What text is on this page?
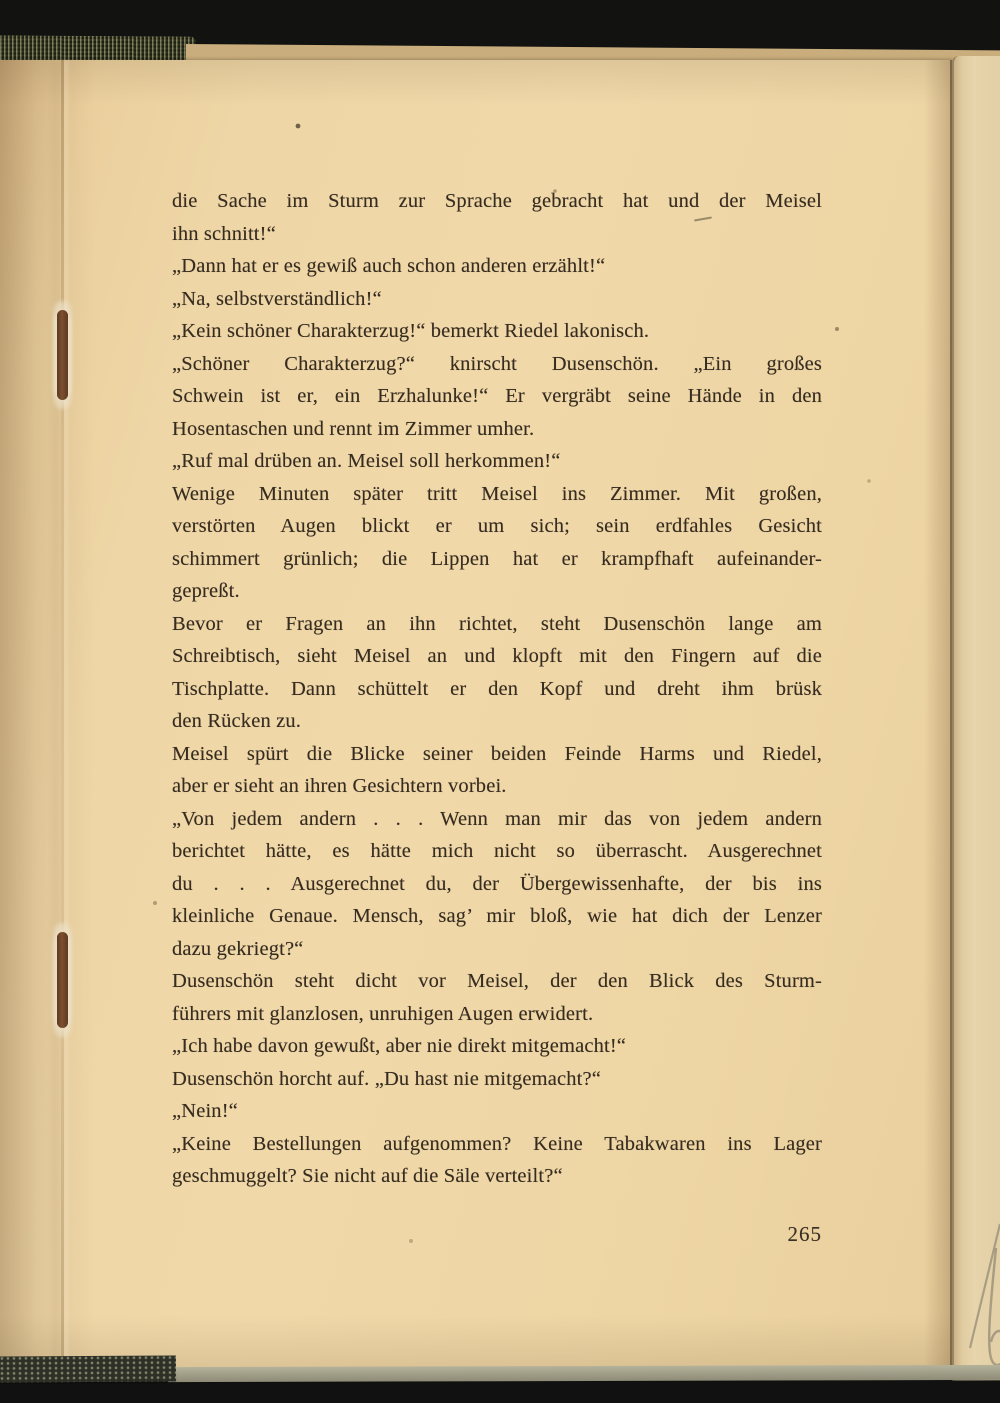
die Sache im Sturm zur Sprache gebracht hat und der Meisel
ihn schnitt!“
„Dann hat er es gewiß auch schon anderen erzählt!“
„Na, selbstverständlich!“
„Kein schöner Charakterzug!“ bemerkt Riedel lakonisch.
„Schöner Charakterzug?“ knirscht Dusenschön. „Ein großes
Schwein ist er, ein Erzhalunke!“ Er vergräbt seine Hände in den
Hosentaschen und rennt im Zimmer umher.
„Ruf mal drüben an. Meisel soll herkommen!“
Wenige Minuten später tritt Meisel ins Zimmer. Mit großen,
verstörten Augen blickt er um sich; sein erdfahles Gesicht
schimmert grünlich; die Lippen hat er krampfhaft aufeinander-
gepreßt.
Bevor er Fragen an ihn richtet, steht Dusenschön lange am
Schreibtisch, sieht Meisel an und klopft mit den Fingern auf die
Tischplatte. Dann schüttelt er den Kopf und dreht ihm brüsk
den Rücken zu.
Meisel spürt die Blicke seiner beiden Feinde Harms und Riedel,
aber er sieht an ihren Gesichtern vorbei.
„Von jedem andern . . . Wenn man mir das von jedem andern
berichtet hätte, es hätte mich nicht so überrascht. Ausgerechnet
du . . . Ausgerechnet du, der Übergewissenhafte, der bis ins
kleinliche Genaue. Mensch, sag’ mir bloß, wie hat dich der Lenzer
dazu gekriegt?“
Dusenschön steht dicht vor Meisel, der den Blick des Sturm-
führers mit glanzlosen, unruhigen Augen erwidert.
„Ich habe davon gewußt, aber nie direkt mitgemacht!“
Dusenschön horcht auf. „Du hast nie mitgemacht?“
„Nein!“
„Keine Bestellungen aufgenommen? Keine Tabakwaren ins Lager
geschmuggelt? Sie nicht auf die Säle verteilt?“
265
